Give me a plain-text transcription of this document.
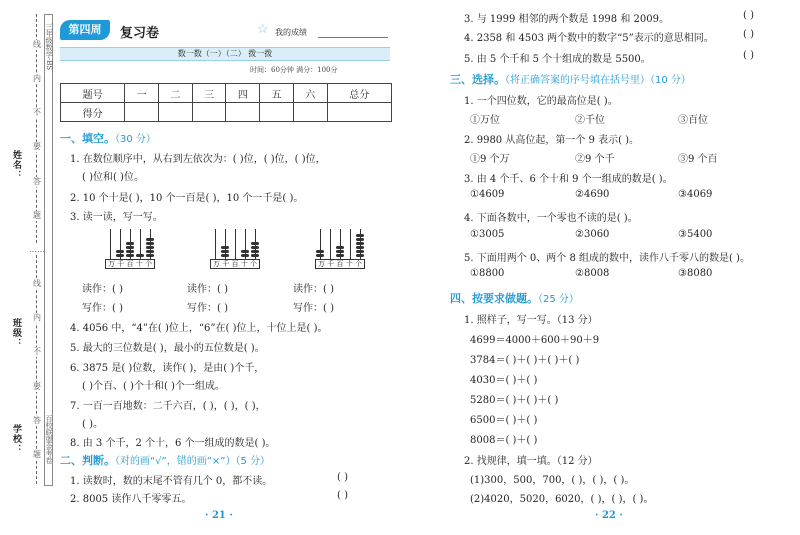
姓名：
班级：
学校：
线
内
不
要
答
题
……
线
内
不
要
答
题
三年级数学·BS
百校联盟金考卷
第四周	复习卷	☆ 我的成绩
数一数（一）（二） 拨一拨
时间：60分钟 满分：100分
题号	一	二	三	四	五	六	总分
得分							
一、填空。（30 分）
1. 在数位顺序中，从右到左依次为：( )位，( )位，( )位，
( )位和( )位。
2. 10 个十是( )，10 个一百是( )，10 个一千是( )。
3. 读一读，写一写。
万 千 百 十 个	万 千 百 十 个	万 千 百 十 个
读作：( )	读作：( )	读作：( )
写作：( )	写作：( )	写作：( )
4. 4056 中，“4”在( )位上，“6”在( )位上，十位上是( )。
5. 最大的三位数是( )，最小的五位数是( )。
6. 3875 是( )位数，读作( )，是由( )个千，
( )个百、( )个十和( )个一组成。
7. 一百一百地数：二千六百，( )，( )，( )，
( )。
8. 由 3 个千，2 个十，6 个一组成的数是( )。
二、判断。（对的画“√”，错的画“×”）（5 分）
1. 读数时，数的末尾不管有几个 0，都不读。	( )
2. 8005 读作八千零零五。	( )
· 21 ·
3. 与 1999 相邻的两个数是 1998 和 2009。	( )
4. 2358 和 4503 两个数中的数字“5”表示的意思相同。	( )
5. 由 5 个千和 5 个十组成的数是 5500。	( )
三、选择。（将正确答案的序号填在括号里）（10 分）
1. 一个四位数，它的最高位是( )。
①万位	②千位	③百位
2. 9980 从高位起，第一个 9 表示( )。
①9 个万	②9 个千	③9 个百
3. 由 4 个千、6 个十和 9 个一组成的数是( )。
①4609	②4690	③4069
4. 下面各数中，一个零也不读的是( )。
①3005	②3060	③5400
5. 下面用两个 0、两个 8 组成的数中，读作八千零八的数是( )。
①8800	②8008	③8080
四、按要求做题。（25 分）
1. 照样子，写一写。（13 分）
4699＝4000＋600＋90＋9
3784＝( )＋( )＋( )＋( )
4030＝( )＋( )
5280＝( )＋( )＋( )
6500＝( )＋( )
8008＝( )＋( )
2. 找规律，填一填。（12 分）
(1)300，500，700，( )，( )，( )。
(2)4020，5020，6020，( )，( )，( )。
· 22 ·
